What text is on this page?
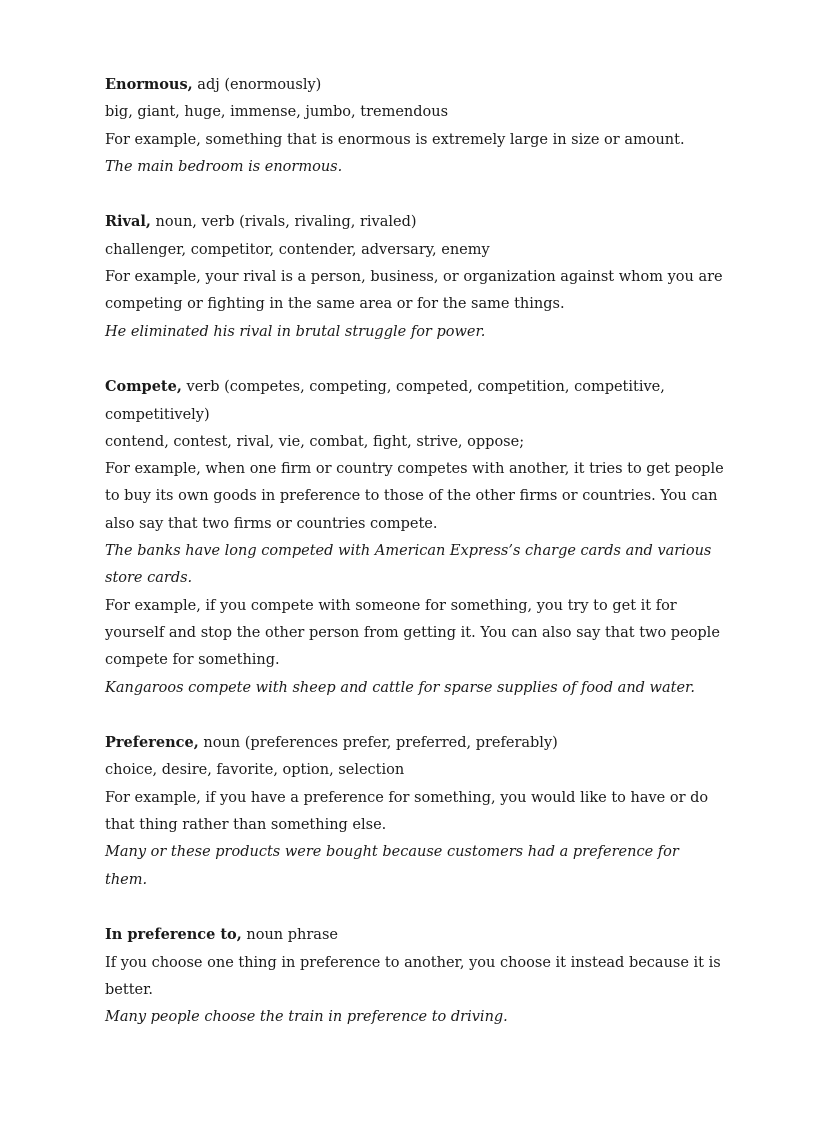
Enormous, adj (enormously)

big, giant, huge, immense, jumbo, tremendous

For example, something that is enormous is extremely large in size or amount.

The main bedroom is enormous.

Rival, noun, verb (rivals, rivaling, rivaled)

challenger, competitor, contender, adversary, enemy

For example, your rival is a person, business, or organization against whom you are competing or fighting in the same area or for the same things.

He eliminated his rival in brutal struggle for power.

Compete, verb (competes, competing, competed, competition, competitive, competitively)

contend, contest, rival, vie, combat, fight, strive, oppose;

For example, when one firm or country competes with another, it tries to get people to buy its own goods in preference to those of the other firms or countries. You can also say that two firms or countries compete.

The banks have long competed with American Express’s charge cards and various store cards.

For example, if you compete with someone for something, you try to get it for yourself and stop the other person from getting it. You can also say that two people compete for something.

Kangaroos compete with sheep and cattle for sparse supplies of food and water.

Preference, noun (preferences prefer, preferred, preferably)

choice, desire, favorite, option, selection

For example, if you have a preference for something, you would like to have or do that thing rather than something else.

Many or these products were bought because customers had a preference for them.

In preference to, noun phrase

If you choose one thing in preference to another, you choose it instead because it is better.

Many people choose the train in preference to driving.
